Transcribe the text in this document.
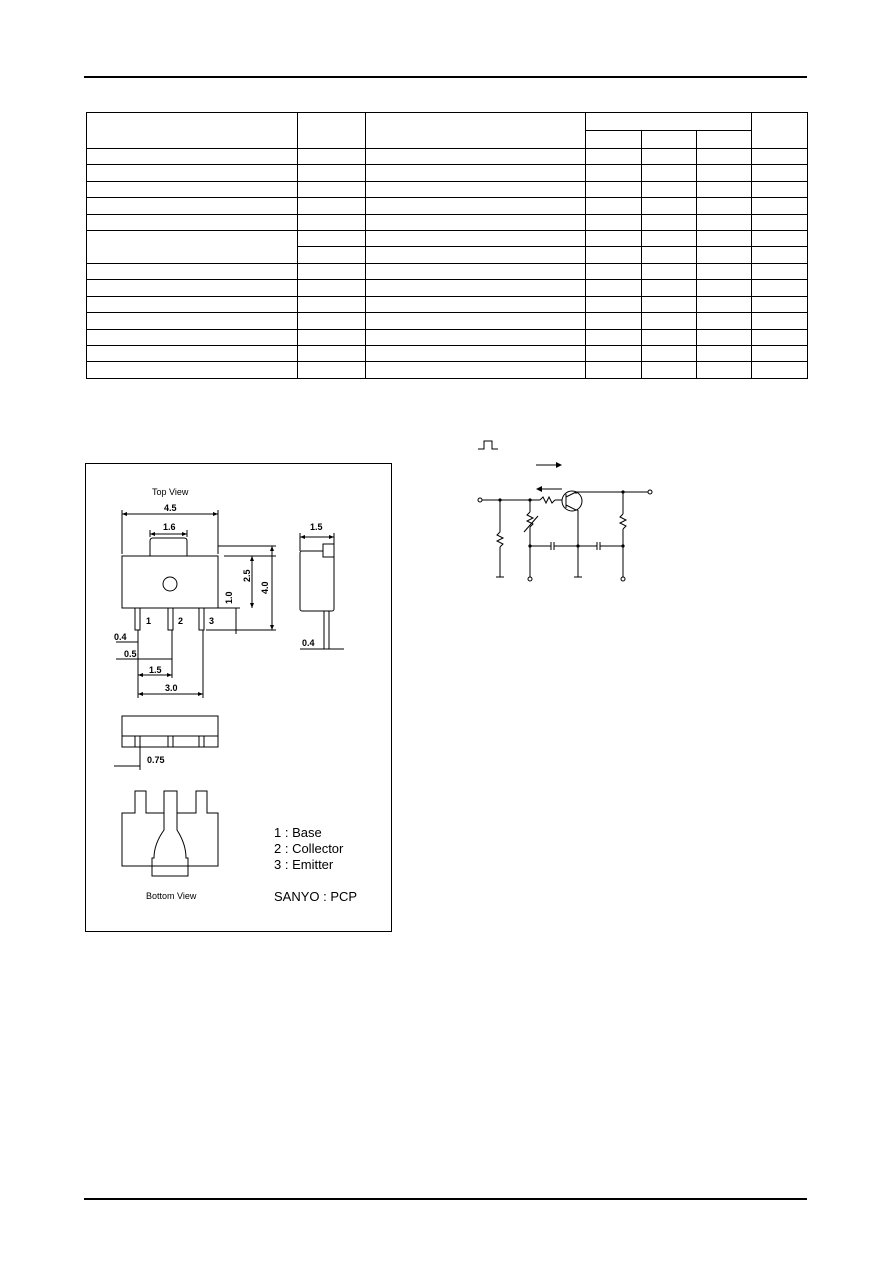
Top View
4.5
1.6	1.5
2.5
4.0
1.0
1	2	3
0.4
0.5
1.5
3.0
0.4
0.75
Bottom View
1 : Base
2 : Collector
3 : Emitter
SANYO : PCP
